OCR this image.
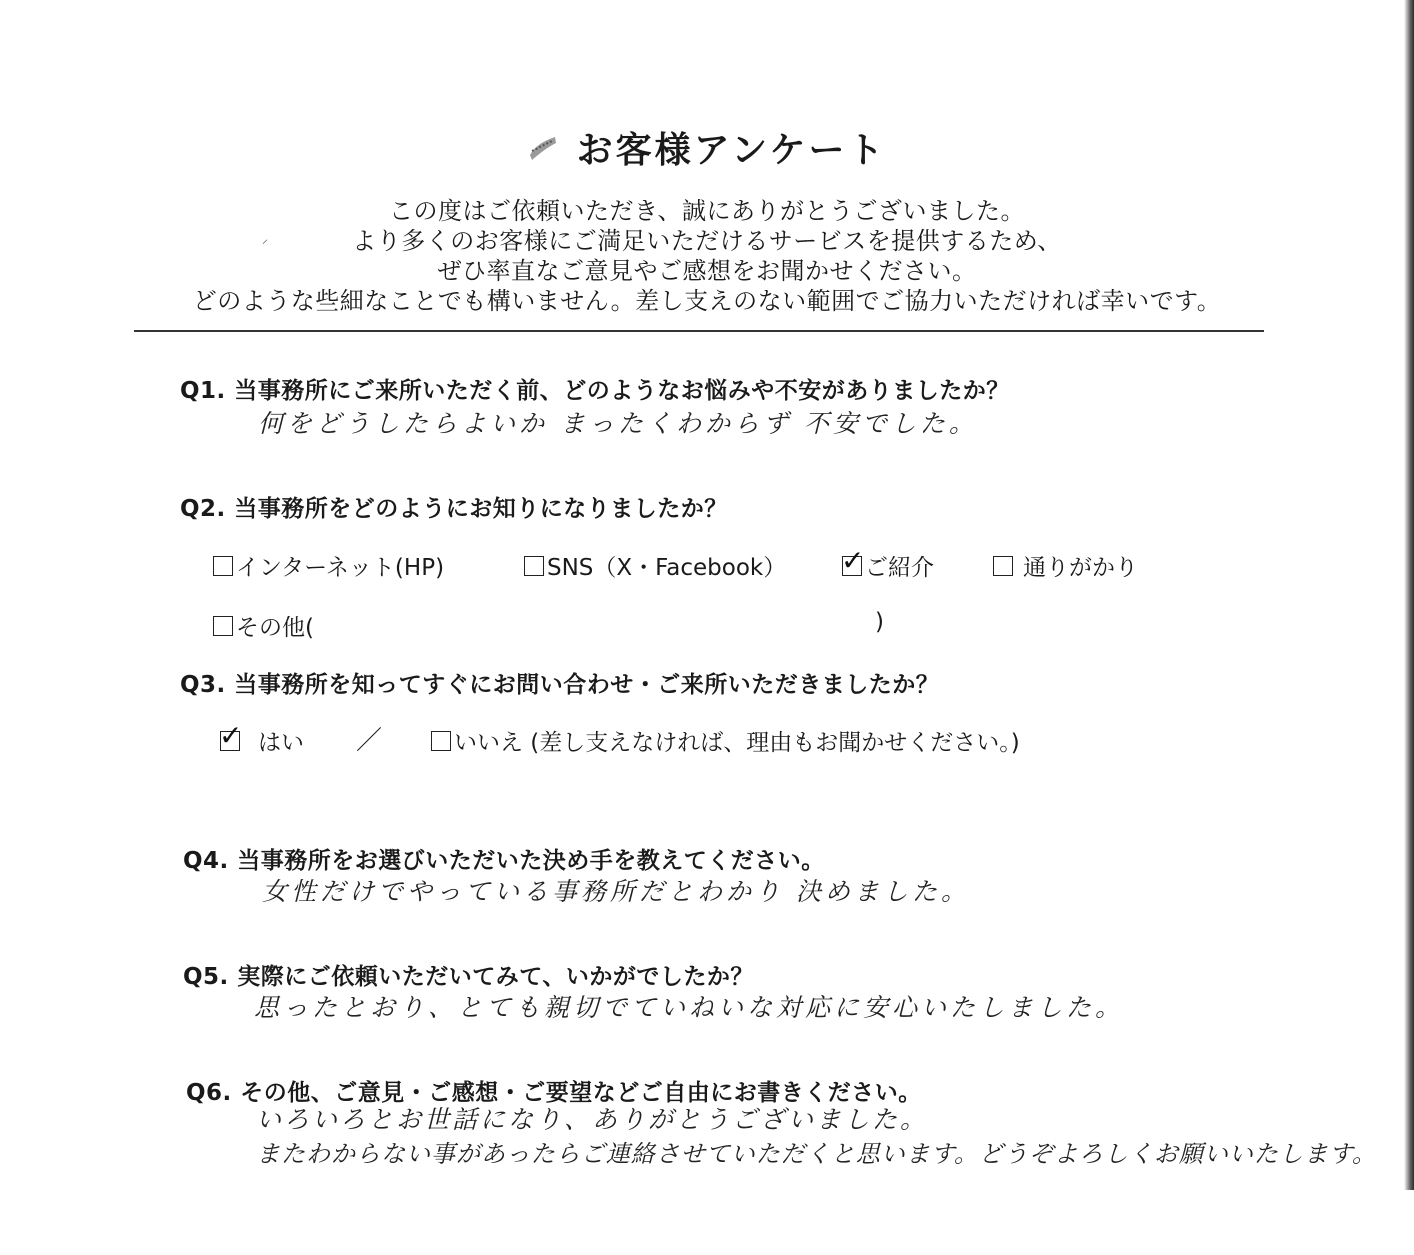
お客様アンケート
この度はご依頼いただき、誠にありがとうございました。
より多くのお客様にご満足いただけるサービスを提供するため、
ぜひ率直なご意見やご感想をお聞かせください。
どのような些細なことでも構いません。差し支えのない範囲でご協力いただければ幸いです。
⸝
Q1. 当事務所にご来所いただく前、どのようなお悩みや不安がありましたか？
何をどうしたらよいか まったくわからず 不安でした。
Q2. 当事務所をどのようにお知りになりましたか？
インターネット(HP)	SNS（X・Facebook） ✓ ご紹介	通りがかり
その他(	)
Q3. 当事務所を知ってすぐにお問い合わせ・ご来所いただきましたか？
✓ はい ／	いいえ (差し支えなければ、理由もお聞かせください。)
Q4. 当事務所をお選びいただいた決め手を教えてください。
女性だけでやっている事務所だとわかり 決めました。
Q5. 実際にご依頼いただいてみて、いかがでしたか？
思ったとおり、とても親切でていねいな対応に安心いたしました。
Q6. その他、ご意見・ご感想・ご要望などご自由にお書きください。
いろいろとお世話になり、ありがとうございました。
またわからない事があったらご連絡させていただくと思います。どうぞよろしくお願いいたします。
